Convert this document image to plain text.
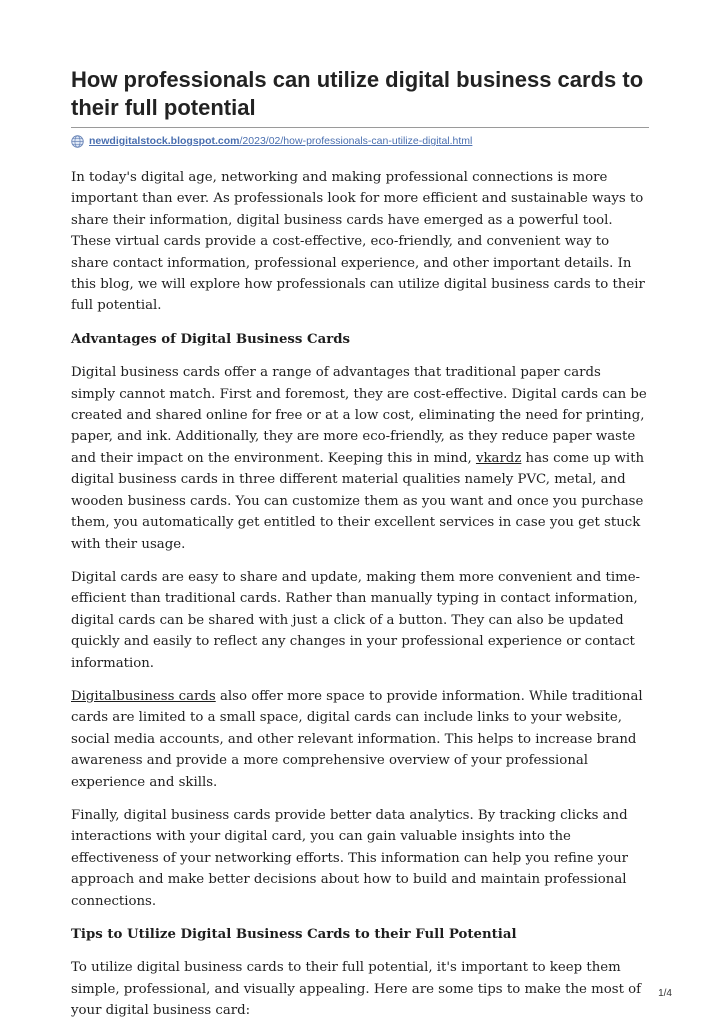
How professionals can utilize digital business cards to their full potential
newdigitalstock.blogspot.com /2023/02/how-professionals-can-utilize-digital.html

In today's digital age, networking and making professional connections is more important than ever. As professionals look for more efficient and sustainable ways to share their information, digital business cards have emerged as a powerful tool. These virtual cards provide a cost-effective, eco-friendly, and convenient way to share contact information, professional experience, and other important details. In this blog, we will explore how professionals can utilize digital business cards to their full potential.

Advantages of Digital Business Cards

Digital business cards offer a range of advantages that traditional paper cards simply cannot match. First and foremost, they are cost-effective. Digital cards can be created and shared online for free or at a low cost, eliminating the need for printing, paper, and ink. Additionally, they are more eco-friendly, as they reduce paper waste and their impact on the environment. Keeping this in mind, vkardz has come up with digital business cards in three different material qualities namely PVC, metal, and wooden business cards. You can customize them as you want and once you purchase them, you automatically get entitled to their excellent services in case you get stuck with their usage.

Digital cards are easy to share and update, making them more convenient and time-efficient than traditional cards. Rather than manually typing in contact information, digital cards can be shared with just a click of a button. They can also be updated quickly and easily to reflect any changes in your professional experience or contact information.

Digitalbusiness cards also offer more space to provide information. While traditional cards are limited to a small space, digital cards can include links to your website, social media accounts, and other relevant information. This helps to increase brand awareness and provide a more comprehensive overview of your professional experience and skills.

Finally, digital business cards provide better data analytics. By tracking clicks and interactions with your digital card, you can gain valuable insights into the effectiveness of your networking efforts. This information can help you refine your approach and make better decisions about how to build and maintain professional connections.

Tips to Utilize Digital Business Cards to their Full Potential

To utilize digital business cards to their full potential, it's important to keep them simple, professional, and visually appealing. Here are some tips to make the most of your digital business card:

1/4
